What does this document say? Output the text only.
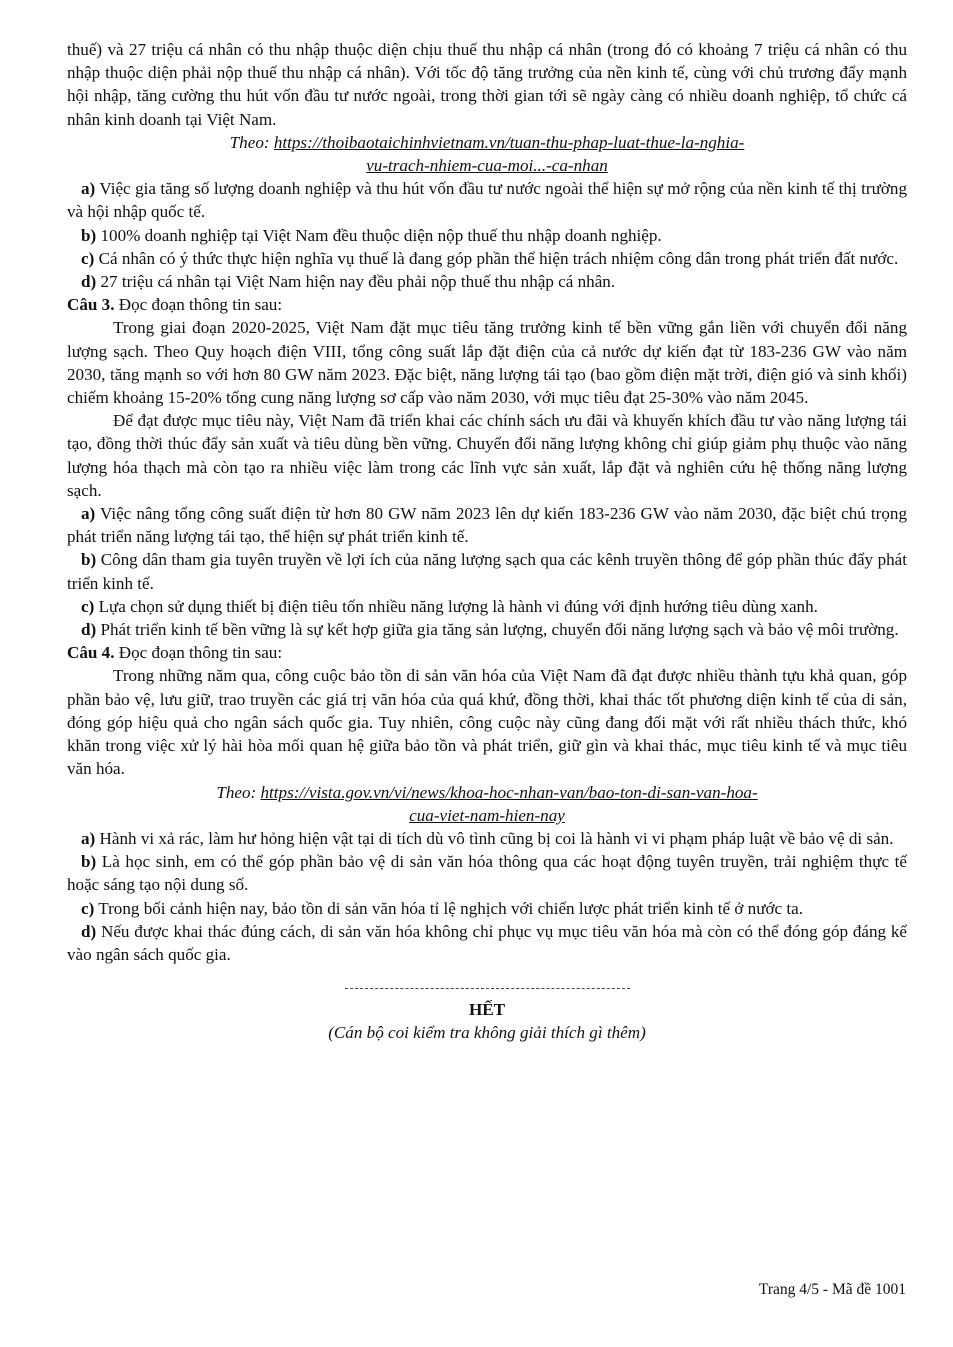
thuế) và 27 triệu cá nhân có thu nhập thuộc diện chịu thuế thu nhập cá nhân (trong đó có khoảng 7 triệu cá nhân có thu nhập thuộc diện phải nộp thuế thu nhập cá nhân). Với tốc độ tăng trưởng của nền kinh tế, cùng với chủ trương đẩy mạnh hội nhập, tăng cường thu hút vốn đầu tư nước ngoài, trong thời gian tới sẽ ngày càng có nhiều doanh nghiệp, tổ chức cá nhân kinh doanh tại Việt Nam.

Theo: https://thoibaotaichinhvietnam.vn/tuan-thu-phap-luat-thue-la-nghia-
vu-trach-nhiem-cua-moi...-ca-nhan

a) Việc gia tăng số lượng doanh nghiệp và thu hút vốn đầu tư nước ngoài thể hiện sự mở rộng của nền kinh tế thị trường và hội nhập quốc tế.

b) 100% doanh nghiệp tại Việt Nam đều thuộc diện nộp thuế thu nhập doanh nghiệp.

c) Cá nhân có ý thức thực hiện nghĩa vụ thuế là đang góp phần thể hiện trách nhiệm công dân trong phát triển đất nước.

d) 27 triệu cá nhân tại Việt Nam hiện nay đều phải nộp thuế thu nhập cá nhân.

Câu 3. Đọc đoạn thông tin sau:

Trong giai đoạn 2020-2025, Việt Nam đặt mục tiêu tăng trưởng kinh tế bền vững gắn liền với chuyển đổi năng lượng sạch. Theo Quy hoạch điện VIII, tổng công suất lắp đặt điện của cả nước dự kiến đạt từ 183-236 GW vào năm 2030, tăng mạnh so với hơn 80 GW năm 2023. Đặc biệt, năng lượng tái tạo (bao gồm điện mặt trời, điện gió và sinh khối) chiếm khoảng 15-20% tổng cung năng lượng sơ cấp vào năm 2030, với mục tiêu đạt 25-30% vào năm 2045.

Để đạt được mục tiêu này, Việt Nam đã triển khai các chính sách ưu đãi và khuyến khích đầu tư vào năng lượng tái tạo, đồng thời thúc đẩy sản xuất và tiêu dùng bền vững. Chuyển đổi năng lượng không chỉ giúp giảm phụ thuộc vào năng lượng hóa thạch mà còn tạo ra nhiều việc làm trong các lĩnh vực sản xuất, lắp đặt và nghiên cứu hệ thống năng lượng sạch.

a) Việc nâng tổng công suất điện từ hơn 80 GW năm 2023 lên dự kiến 183-236 GW vào năm 2030, đặc biệt chú trọng phát triển năng lượng tái tạo, thể hiện sự phát triển kinh tế.

b) Công dân tham gia tuyên truyền về lợi ích của năng lượng sạch qua các kênh truyền thông để góp phần thúc đẩy phát triển kinh tế.

c) Lựa chọn sử dụng thiết bị điện tiêu tốn nhiều năng lượng là hành vi đúng với định hướng tiêu dùng xanh.

d) Phát triển kinh tế bền vững là sự kết hợp giữa gia tăng sản lượng, chuyển đổi năng lượng sạch và bảo vệ môi trường.

Câu 4. Đọc đoạn thông tin sau:

Trong những năm qua, công cuộc bảo tồn di sản văn hóa của Việt Nam đã đạt được nhiều thành tựu khả quan, góp phần bảo vệ, lưu giữ, trao truyền các giá trị văn hóa của quá khứ, đồng thời, khai thác tốt phương diện kinh tế của di sản, đóng góp hiệu quả cho ngân sách quốc gia. Tuy nhiên, công cuộc này cũng đang đối mặt với rất nhiều thách thức, khó khăn trong việc xử lý hài hòa mối quan hệ giữa bảo tồn và phát triển, giữ gìn và khai thác, mục tiêu kinh tế và mục tiêu văn hóa.

Theo: https://vista.gov.vn/vi/news/khoa-hoc-nhan-van/bao-ton-di-san-van-hoa-
cua-viet-nam-hien-nay

a) Hành vi xả rác, làm hư hỏng hiện vật tại di tích dù vô tình cũng bị coi là hành vi vi phạm pháp luật về bảo vệ di sản.

b) Là học sinh, em có thể góp phần bảo vệ di sản văn hóa thông qua các hoạt động tuyên truyền, trải nghiệm thực tế hoặc sáng tạo nội dung số.

c) Trong bối cảnh hiện nay, bảo tồn di sản văn hóa tỉ lệ nghịch với chiến lược phát triển kinh tế ở nước ta.

d) Nếu được khai thác đúng cách, di sản văn hóa không chỉ phục vụ mục tiêu văn hóa mà còn có thể đóng góp đáng kể vào ngân sách quốc gia.

HẾT

(Cán bộ coi kiểm tra không giải thích gì thêm)

Trang 4/5 - Mã đề 1001
